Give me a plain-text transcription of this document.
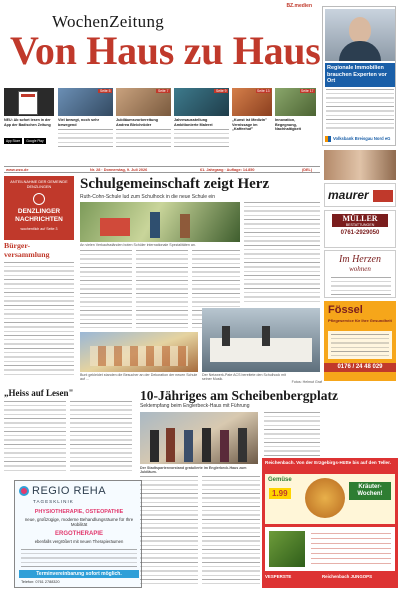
BZ.medien
WochenZeitung
Von Haus zu Haus	Regionale Immobilien brauchen Experten vor Ort
Volksbank Breisgau Nord eG
NEU: Ab sofort lesen in der App der Badischen Zeitung
App Store	Google Play
Seite 5
Viel bewegt, noch sehr bewegend
Seite 7
Jubiläumsvorbereitung Andrea Bleichröder
Seite 9
Jahresausstellung Ambitionierte Malerei
Seite 13
„Kunst ist Medizin" Vernissage im „Kaffeehof"
Seite 17
Innovation, Begegnung, Nachhaltigkeit
www.wzo.de	Nr. 28 · Donnerstag, 9. Juli 2026	61. Jahrgang · Auflage: 14.850	(DEL)
maurer
MÜLLER
BESTATTUNGEN
0761-2929050
Im Herzen
wohnen
Fössel
Pflegeservice für Ihre Gesundheit
0176 / 24 48 029
ANTEILNAHME DER GEMEINDE DENZLINGEN
DENZLINGER NACHRICHTEN
wochentlich auf Seite 3
Bürger-versammlung
Schulgemeinschaft zeigt Herz
Ruth-Cohn-Schule lud zum Schulhock in die neue Schule ein
An vielen Verkaufsständen boten Schüler internationale Spezialitäten an.
Bunt gekleidet standen die Besucher an der Dekoration der neuen Schule auf ...
Der Netzwerk-Pate ACS bereitete den Schulhock mit seiner Musik.
Fotos: Helmut Graf
„Heiss auf Lesen"
REGIO REHA
TAGESKLINIK
PHYSIOTHERAPIE, OSTEOPATHIE
neue, großzügige, moderne Behandlungsräume für Ihre Mobilität
ERGOTHERAPIE
ebenfalls vergrößert mit neuen Therapieräumen
Terminvereinbarung sofort möglich.
Telefon: 0761 2788320
10-Jähriges am Scheibenbergplatz
Sektempfang beim Englerbeck-Haus mit Führung
Der Stadtspartenvorstand gratulierte im Englerbeck-Haus zum Jubiläum.
Reichenbach. Von der Erzgebirgs-Hütte bis auf den Teller.
Gemüse
1.99
Kräuter- Wochen!
VESPERSTE	Reichenbach JUNGOPS
